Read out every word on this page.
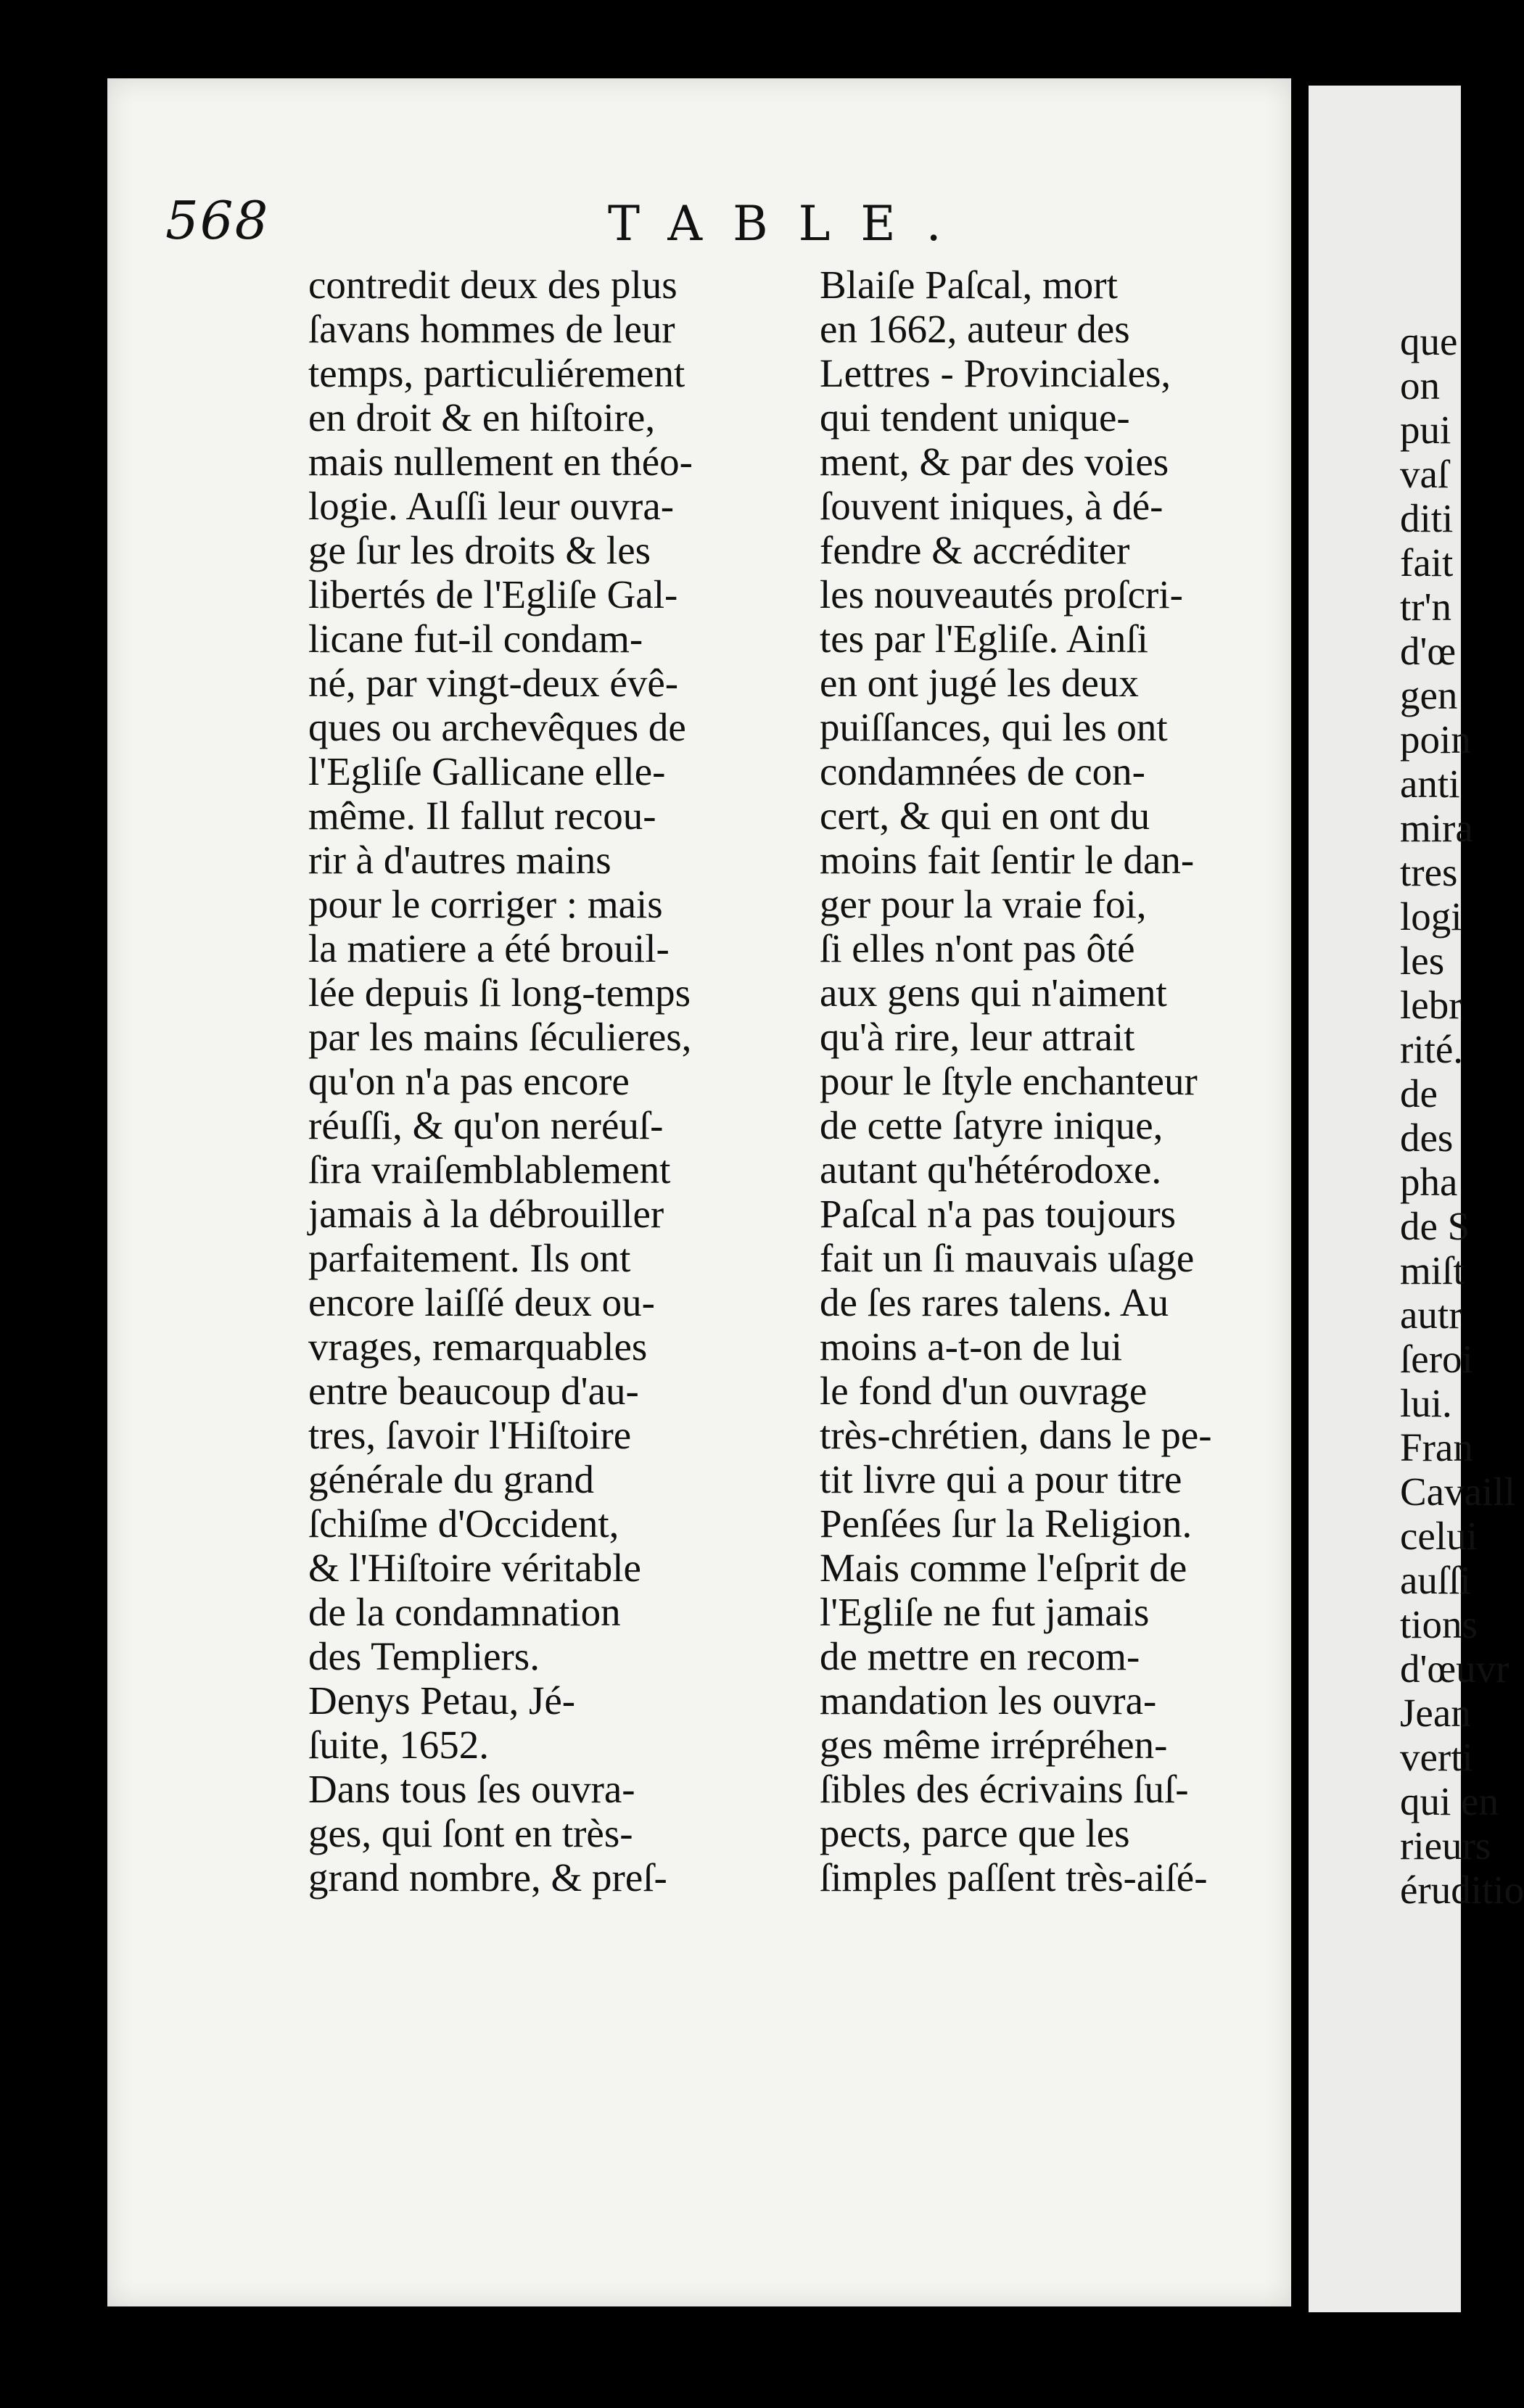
568	TABLE.
contredit deux des plus
ſavans hommes de leur
temps, particuliérement
en droit & en hiſtoire,
mais nullement en théo-
logie. Auſſi leur ouvra-
ge ſur les droits & les
libertés de l'Egliſe Gal-
licane fut-il condam-
né, par vingt-deux évê-
ques ou archevêques de
l'Egliſe Gallicane elle-
même. Il fallut recou-
rir à d'autres mains
pour le corriger : mais
la matiere a été brouil-
lée depuis ſi long-temps
par les mains ſéculieres,
qu'on n'a pas encore
réuſſi, & qu'on neréuſ-
ſira vraiſemblablement
jamais à la débrouiller
parfaitement. Ils ont
encore laiſſé deux ou-
vrages, remarquables
entre beaucoup d'au-
tres, ſavoir l'Hiſtoire
générale du grand
ſchiſme d'Occident,
& l'Hiſtoire véritable
de la condamnation
des Templiers.
Denys Petau, Jé-
ſuite, 1652.
Dans tous ſes ouvra-
ges, qui ſont en très-
grand nombre, & preſ-
Blaiſe Paſcal, mort
en 1662, auteur des
Lettres - Provinciales,
qui tendent unique-
ment, & par des voies
ſouvent iniques, à dé-
fendre & accréditer
les nouveautés proſcri-
tes par l'Egliſe. Ainſi
en ont jugé les deux
puiſſances, qui les ont
condamnées de con-
cert, & qui en ont du
moins fait ſentir le dan-
ger pour la vraie foi,
ſi elles n'ont pas ôté
aux gens qui n'aiment
qu'à rire, leur attrait
pour le ſtyle enchanteur
de cette ſatyre inique,
autant qu'hétérodoxe.
Paſcal n'a pas toujours
fait un ſi mauvais uſage
de ſes rares talens. Au
moins a-t-on de lui
le fond d'un ouvrage
très-chrétien, dans le pe-
tit livre qui a pour titre
Penſées ſur la Religion.
Mais comme l'eſprit de
l'Egliſe ne fut jamais
de mettre en recom-
mandation les ouvra-
ges même irrépréhen-
ſibles des écrivains ſuſ-
pects, parce que les
ſimples paſſent très-aiſé-
que
on
pui
vaſ
diti
fait
tr'n
d'œ
gen
poin
anti
mira
tres
logi
les
lebr
rité.
de
des
pha
de S
miſt
autr
ſeroi
lui.
Fran
Cavaill
celui
auſſi
tions
d'œuvr
Jean
verti
qui en
rieurs
éruditio
